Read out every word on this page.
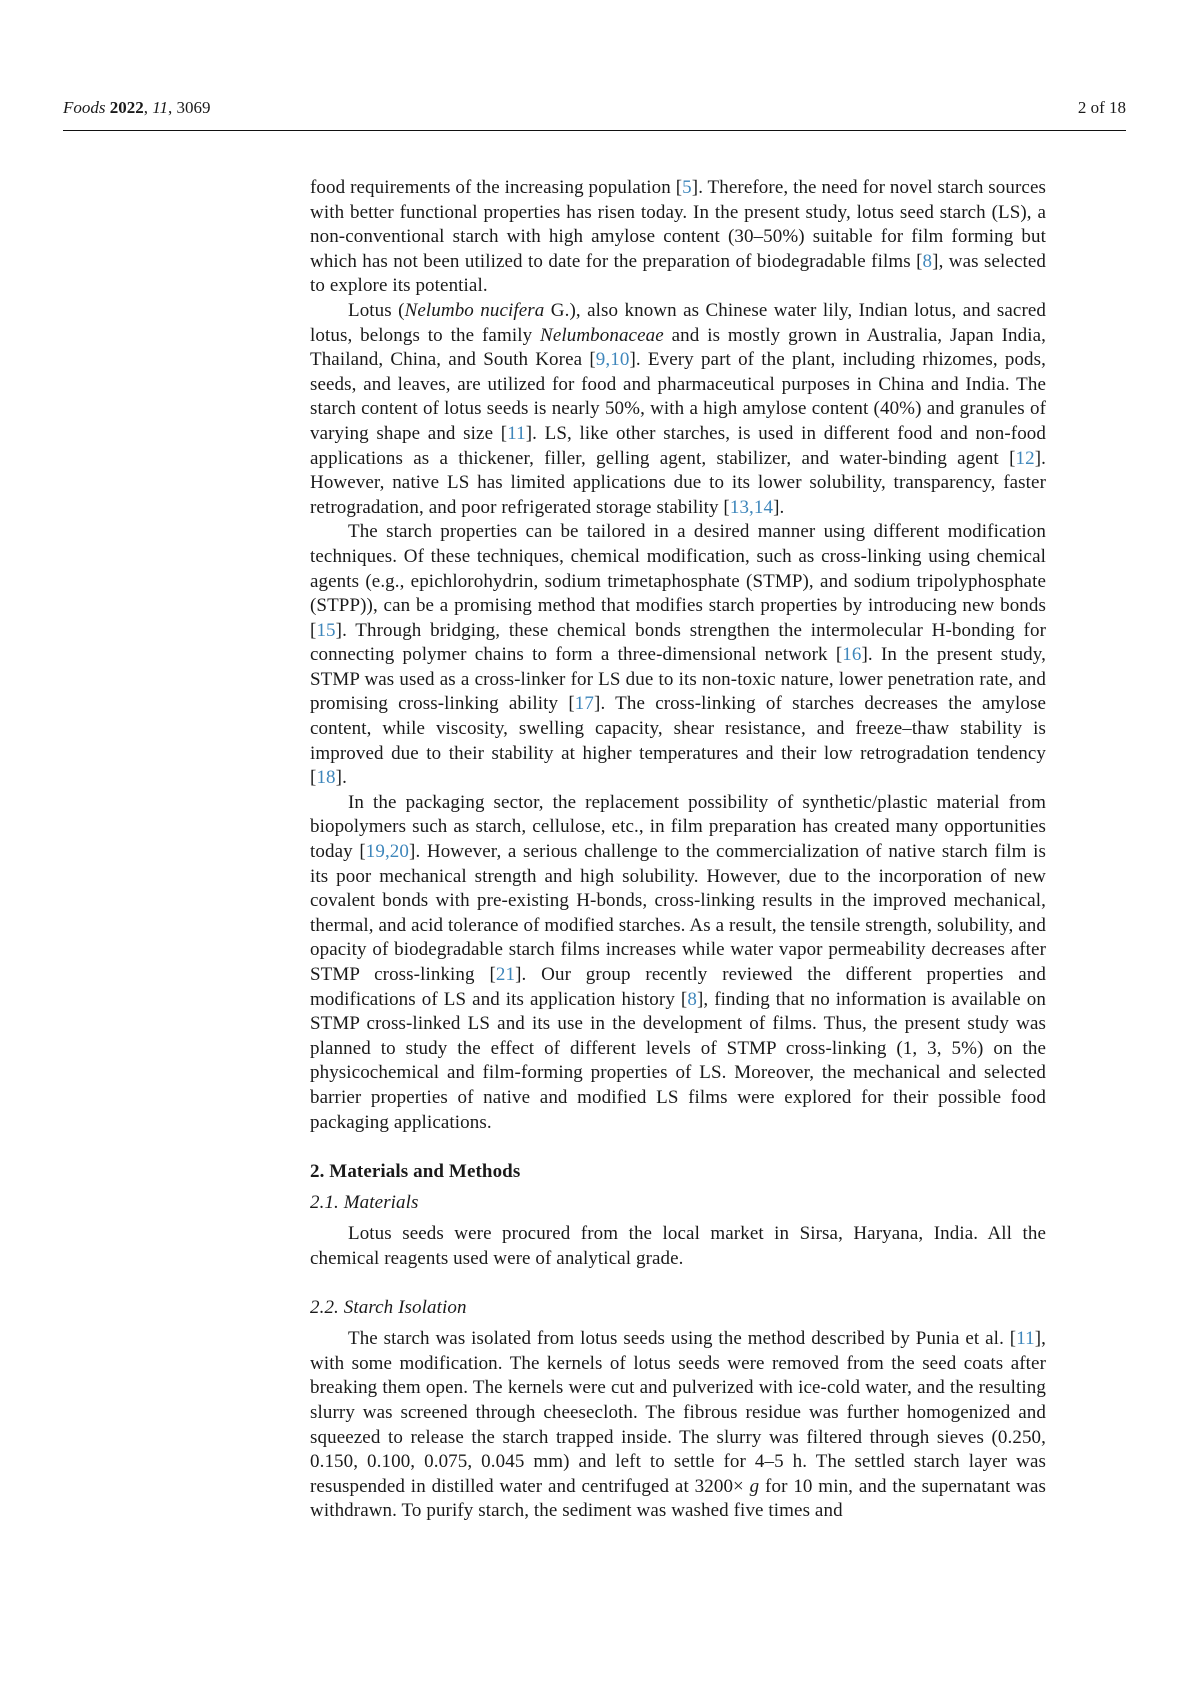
Foods 2022, 11, 3069	2 of 18

food requirements of the increasing population [5]. Therefore, the need for novel starch sources with better functional properties has risen today. In the present study, lotus seed starch (LS), a non-conventional starch with high amylose content (30–50%) suitable for film forming but which has not been utilized to date for the preparation of biodegradable films [8], was selected to explore its potential.

Lotus (Nelumbo nucifera G.), also known as Chinese water lily, Indian lotus, and sacred lotus, belongs to the family Nelumbonaceae and is mostly grown in Australia, Japan India, Thailand, China, and South Korea [9,10]. Every part of the plant, including rhizomes, pods, seeds, and leaves, are utilized for food and pharmaceutical purposes in China and India. The starch content of lotus seeds is nearly 50%, with a high amylose content (40%) and granules of varying shape and size [11]. LS, like other starches, is used in different food and non-food applications as a thickener, filler, gelling agent, stabilizer, and water-binding agent [12]. However, native LS has limited applications due to its lower solubility, transparency, faster retrogradation, and poor refrigerated storage stability [13,14].

The starch properties can be tailored in a desired manner using different modification techniques. Of these techniques, chemical modification, such as cross-linking using chemical agents (e.g., epichlorohydrin, sodium trimetaphosphate (STMP), and sodium tripolyphosphate (STPP)), can be a promising method that modifies starch properties by introducing new bonds [15]. Through bridging, these chemical bonds strengthen the intermolecular H-bonding for connecting polymer chains to form a three-dimensional network [16]. In the present study, STMP was used as a cross-linker for LS due to its non-toxic nature, lower penetration rate, and promising cross-linking ability [17]. The cross-linking of starches decreases the amylose content, while viscosity, swelling capacity, shear resistance, and freeze–thaw stability is improved due to their stability at higher temperatures and their low retrogradation tendency [18].

In the packaging sector, the replacement possibility of synthetic/plastic material from biopolymers such as starch, cellulose, etc., in film preparation has created many opportunities today [19,20]. However, a serious challenge to the commercialization of native starch film is its poor mechanical strength and high solubility. However, due to the incorporation of new covalent bonds with pre-existing H-bonds, cross-linking results in the improved mechanical, thermal, and acid tolerance of modified starches. As a result, the tensile strength, solubility, and opacity of biodegradable starch films increases while water vapor permeability decreases after STMP cross-linking [21]. Our group recently reviewed the different properties and modifications of LS and its application history [8], finding that no information is available on STMP cross-linked LS and its use in the development of films. Thus, the present study was planned to study the effect of different levels of STMP cross-linking (1, 3, 5%) on the physicochemical and film-forming properties of LS. Moreover, the mechanical and selected barrier properties of native and modified LS films were explored for their possible food packaging applications.

2. Materials and Methods
2.1. Materials

Lotus seeds were procured from the local market in Sirsa, Haryana, India. All the chemical reagents used were of analytical grade.

2.2. Starch Isolation

The starch was isolated from lotus seeds using the method described by Punia et al. [11], with some modification. The kernels of lotus seeds were removed from the seed coats after breaking them open. The kernels were cut and pulverized with ice-cold water, and the resulting slurry was screened through cheesecloth. The fibrous residue was further homogenized and squeezed to release the starch trapped inside. The slurry was filtered through sieves (0.250, 0.150, 0.100, 0.075, 0.045 mm) and left to settle for 4–5 h. The settled starch layer was resuspended in distilled water and centrifuged at 3200× g for 10 min, and the supernatant was withdrawn. To purify starch, the sediment was washed five times and
